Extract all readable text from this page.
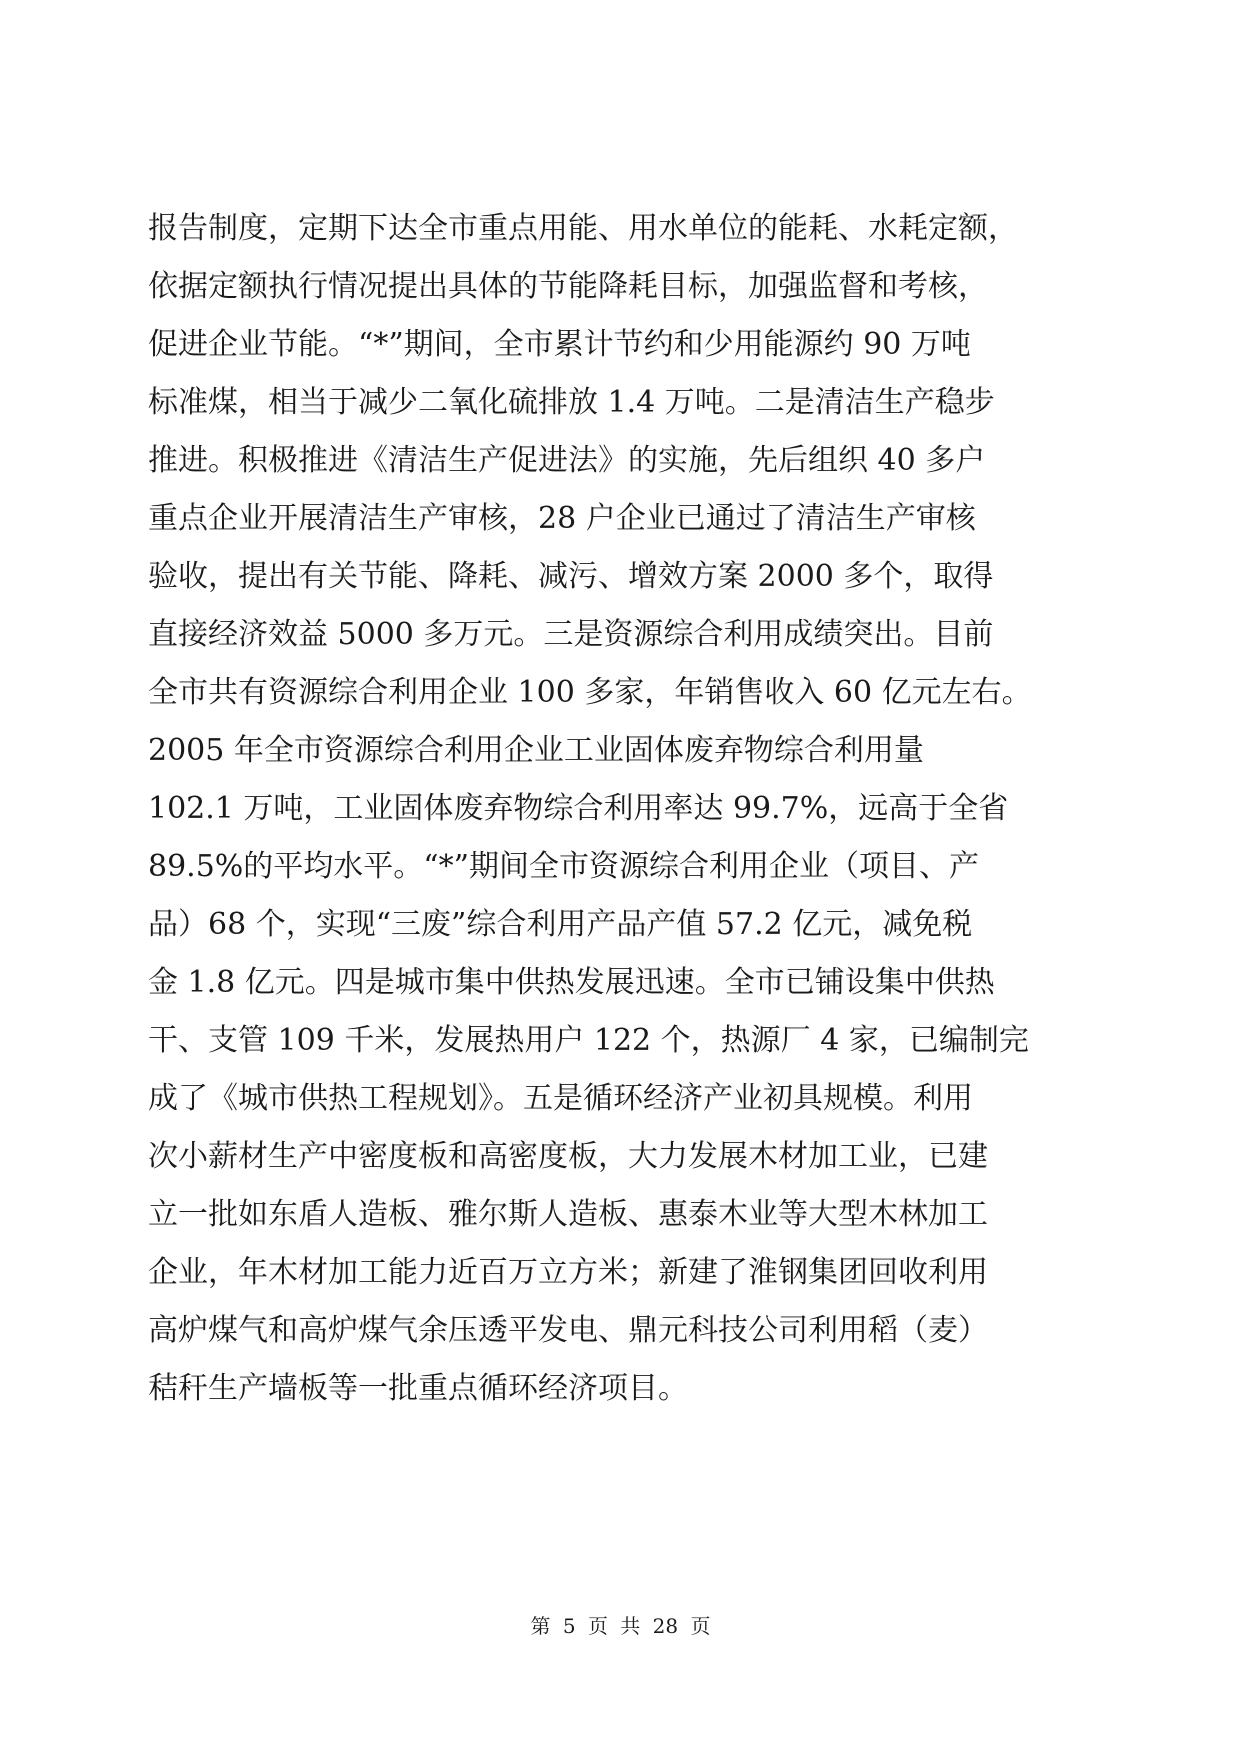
报告制度，定期下达全市重点用能、用水单位的能耗、水耗定额，
依据定额执行情况提出具体的节能降耗目标，加强监督和考核，
促进企业节能。“*”期间，全市累计节约和少用能源约 90 万吨
标准煤，相当于减少二氧化硫排放 1.4 万吨。二是清洁生产稳步
推进。积极推进《清洁生产促进法》的实施，先后组织 40 多户
重点企业开展清洁生产审核，28 户企业已通过了清洁生产审核
验收，提出有关节能、降耗、减污、增效方案 2000 多个，取得
直接经济效益 5000 多万元。三是资源综合利用成绩突出。目前
全市共有资源综合利用企业 100 多家，年销售收入 60 亿元左右。
2005 年全市资源综合利用企业工业固体废弃物综合利用量
102.1 万吨，工业固体废弃物综合利用率达 99.7%，远高于全省
89.5%的平均水平。“*”期间全市资源综合利用企业（项目、产
品）68 个，实现“三废”综合利用产品产值 57.2 亿元，减免税
金 1.8 亿元。四是城市集中供热发展迅速。全市已铺设集中供热
干、支管 109 千米，发展热用户 122 个，热源厂 4 家，已编制完
成了《城市供热工程规划》。五是循环经济产业初具规模。利用
次小薪材生产中密度板和高密度板，大力发展木材加工业，已建
立一批如东盾人造板、雅尔斯人造板、惠泰木业等大型木林加工
企业，年木材加工能力近百万立方米；新建了淮钢集团回收利用
高炉煤气和高炉煤气余压透平发电、鼎元科技公司利用稻（麦）
秸秆生产墙板等一批重点循环经济项目。
第 5 页 共 28 页
